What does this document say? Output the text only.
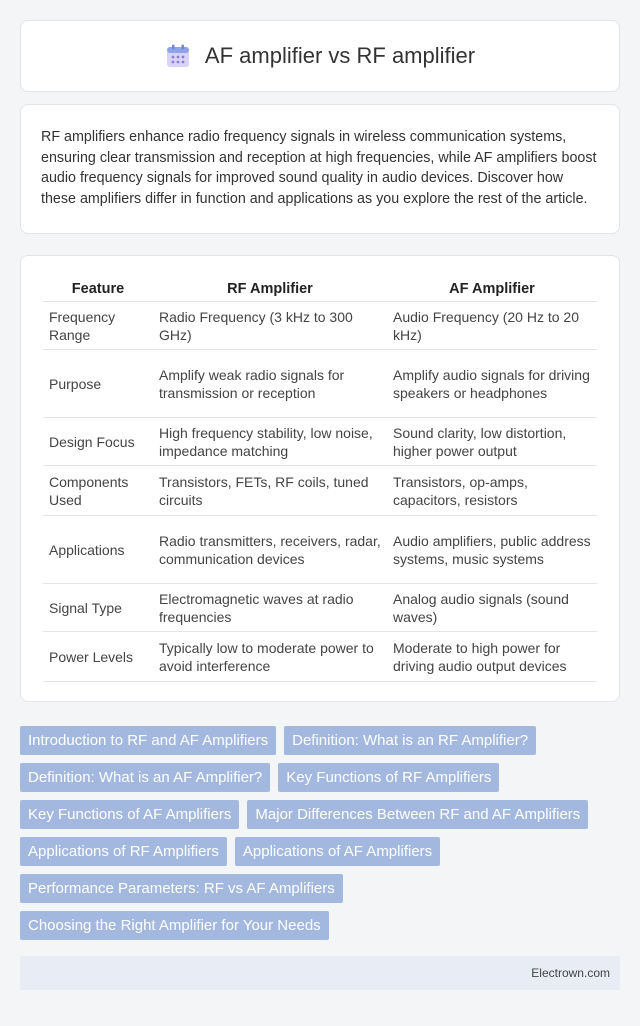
AF amplifier vs RF amplifier

RF amplifiers enhance radio frequency signals in wireless communication systems, ensuring clear transmission and reception at high frequencies, while AF amplifiers boost audio frequency signals for improved sound quality in audio devices. Discover how these amplifiers differ in function and applications as you explore the rest of the article.

Feature	RF Amplifier	AF Amplifier
Frequency Range	Radio Frequency (3 kHz to 300 GHz)	Audio Frequency (20 Hz to 20 kHz)
Purpose	Amplify weak radio signals for transmission or reception	Amplify audio signals for driving speakers or headphones
Design Focus	High frequency stability, low noise, impedance matching	Sound clarity, low distortion, higher power output
Components Used	Transistors, FETs, RF coils, tuned circuits	Transistors, op-amps, capacitors, resistors
Applications	Radio transmitters, receivers, radar, communication devices	Audio amplifiers, public address systems, music systems
Signal Type	Electromagnetic waves at radio frequencies	Analog audio signals (sound waves)
Power Levels	Typically low to moderate power to avoid interference	Moderate to high power for driving audio output devices
Introduction to RF and AF Amplifiers	Definition: What is an RF Amplifier?
Definition: What is an AF Amplifier?	Key Functions of RF Amplifiers
Key Functions of AF Amplifiers	Major Differences Between RF and AF Amplifiers
Applications of RF Amplifiers	Applications of AF Amplifiers
Performance Parameters: RF vs AF Amplifiers
Choosing the Right Amplifier for Your Needs
Electrown.com
